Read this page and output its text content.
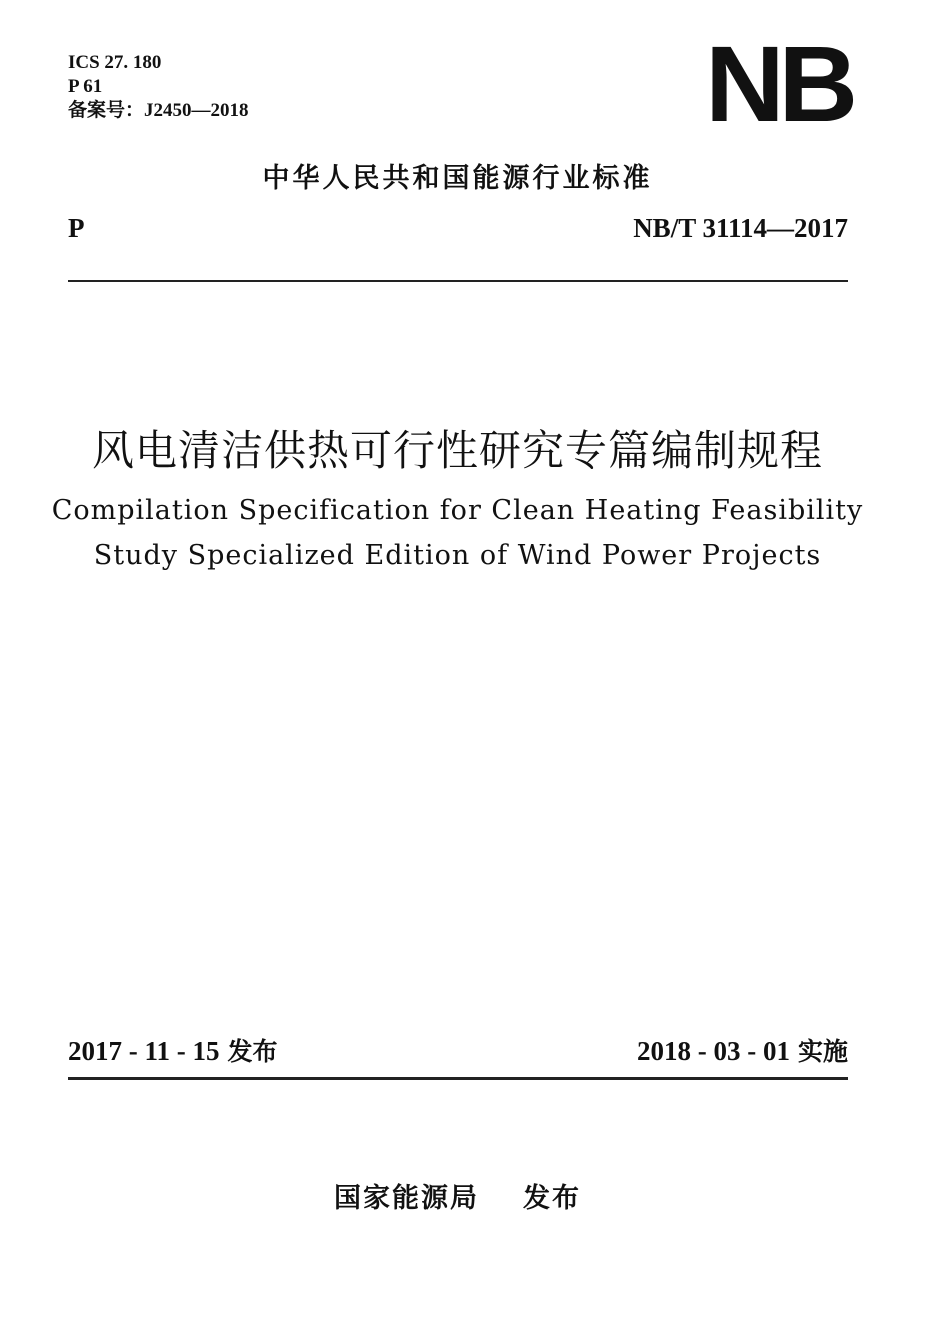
ICS 27. 180
P 61
备案号：J2450—2018	NB
中华人民共和国能源行业标准
P	NB/T 31114—2017
风电清洁供热可行性研究专篇编制规程
Compilation Specification for Clean Heating Feasibility
Study Specialized Edition of Wind Power Projects
2017 - 11 - 15 发布	2018 - 03 - 01 实施
国家能源局 发布
